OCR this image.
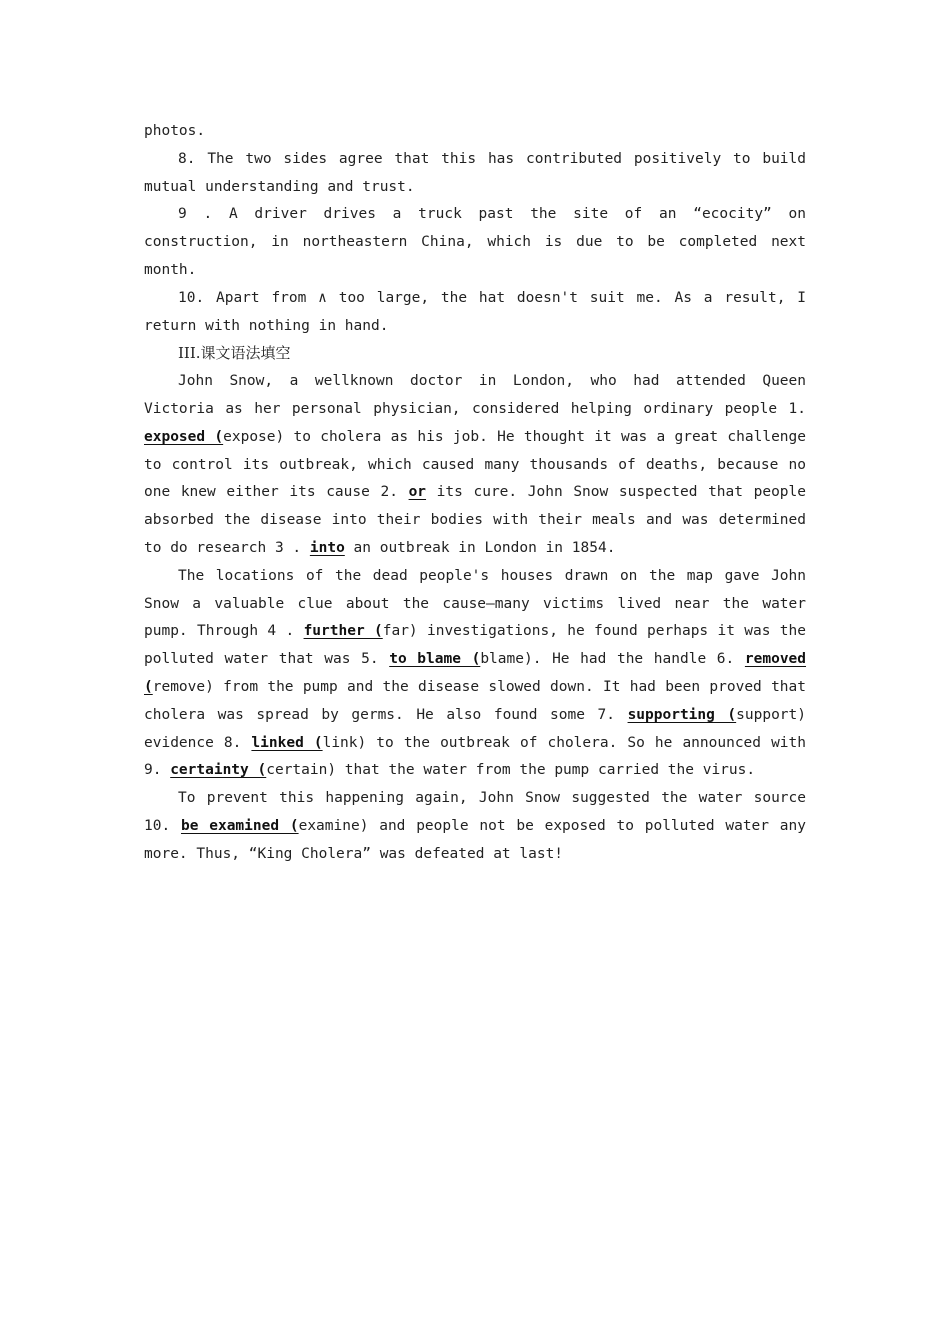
photos.

8. The two sides agree that this has contributed positively to build mutual understanding and trust.

9 . A driver drives a truck past the site of an “ecocity” on construction, in northeastern China, which is due to be completed next month.

10. Apart from ∧ too large, the hat doesn't suit me. As a result, I return with nothing in hand.

III.课文语法填空

John Snow, a wellknown doctor in London, who had attended Queen Victoria as her personal physician, considered helping ordinary people 1. exposed (expose) to cholera as his job. He thought it was a great challenge to control its outbreak, which caused many thousands of deaths, because no one knew either its cause 2. or its cure. John Snow suspected that people absorbed the disease into their bodies with their meals and was determined to do research 3 . into an outbreak in London in 1854.

The locations of the dead people's houses drawn on the map gave John Snow a valuable clue about the cause—many victims lived near the water pump. Through 4 . further (far) investigations, he found perhaps it was the polluted water that was 5. to blame (blame). He had the handle 6. removed (remove) from the pump and the disease slowed down. It had been proved that cholera was spread by germs. He also found some 7. supporting (support) evidence 8. linked (link) to the outbreak of cholera. So he announced with 9. certainty (certain) that the water from the pump carried the virus.

To prevent this happening again, John Snow suggested the water source 10. be examined (examine) and people not be exposed to polluted water any more. Thus, “King Cholera” was defeated at last!
